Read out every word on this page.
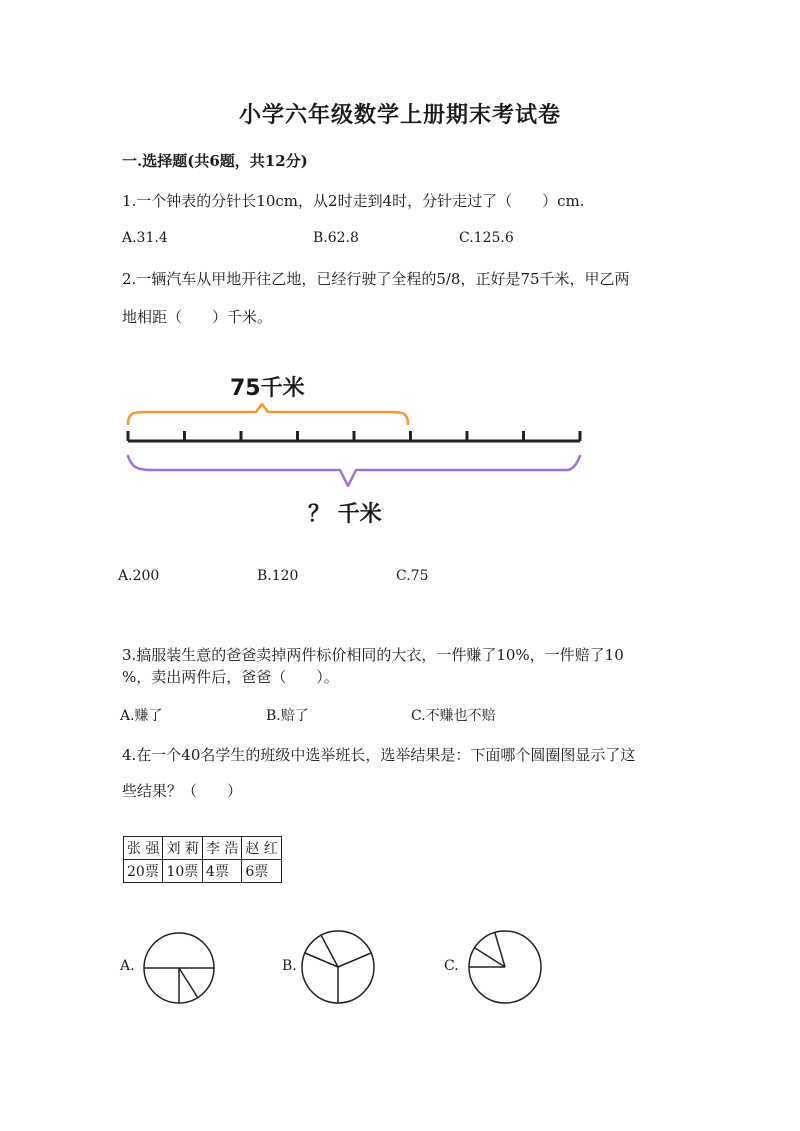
小学六年级数学上册期末考试卷
一.选择题(共6题，共12分)
1.一个钟表的分针长10cm，从2时走到4时，分针走过了（　　）cm.
A.31.4	B.62.8	C.125.6
2.一辆汽车从甲地开往乙地，已经行驶了全程的5/8，正好是75千米，甲乙两
地相距（　　）千米。
75千米
？ 千米
A.200	B.120	C.75
3.搞服装生意的爸爸卖掉两件标价相同的大衣，一件赚了10%，一件赔了10
%，卖出两件后，爸爸（　　）。
A.赚了	B.赔了	C.不赚也不赔
4.在一个40名学生的班级中选举班长，选举结果是：下面哪个圆圈图显示了这
些结果？（　　）
张 强	刘 莉	李 浩	赵 红
20票	10票	4票	6票
A.	B.	C.
